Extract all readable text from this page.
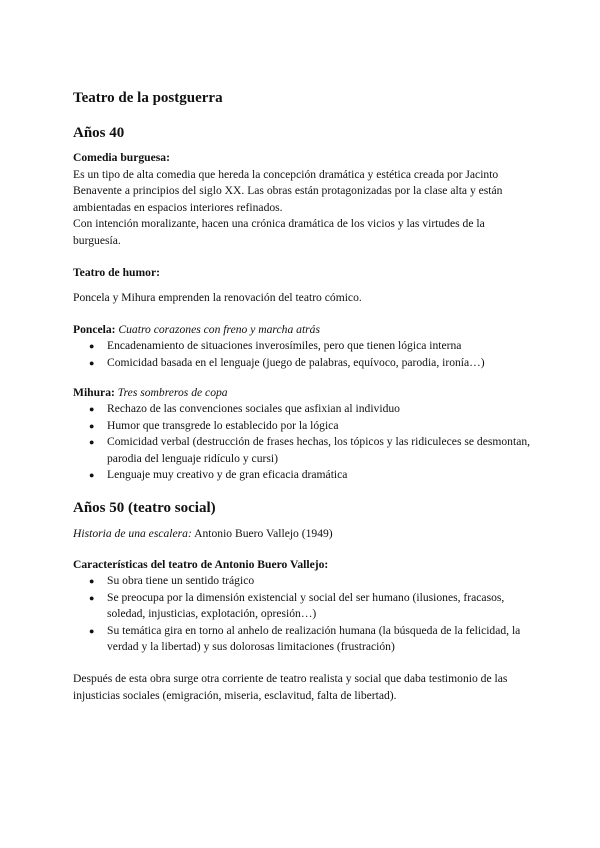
Teatro de la postguerra
Años 40
Comedia burguesa:
Es un tipo de alta comedia que hereda la concepción dramática y estética creada por Jacinto Benavente a principios del siglo XX. Las obras están protagonizadas por la clase alta y están ambientadas en espacios interiores refinados.
Con intención moralizante, hacen una crónica dramática de los vicios y las virtudes de la burguesía.
Teatro de humor:
Poncela y Mihura emprenden la renovación del teatro cómico.
Poncela: Cuatro corazones con freno y marcha atrás
● Encadenamiento de situaciones inverosímiles, pero que tienen lógica interna
● Comicidad basada en el lenguaje (juego de palabras, equívoco, parodia, ironía…)
Mihura: Tres sombreros de copa
● Rechazo de las convenciones sociales que asfixian al individuo
● Humor que transgrede lo establecido por la lógica
● Comicidad verbal (destrucción de frases hechas, los tópicos y las ridiculeces se desmontan, parodia del lenguaje ridículo y cursi)
● Lenguaje muy creativo y de gran eficacia dramática
Años 50 (teatro social)
Historia de una escalera: Antonio Buero Vallejo (1949)
Características del teatro de Antonio Buero Vallejo:
● Su obra tiene un sentido trágico
● Se preocupa por la dimensión existencial y social del ser humano (ilusiones, fracasos, soledad, injusticias, explotación, opresión…)
● Su temática gira en torno al anhelo de realización humana (la búsqueda de la felicidad, la verdad y la libertad) y sus dolorosas limitaciones (frustración)
Después de esta obra surge otra corriente de teatro realista y social que daba testimonio de las injusticias sociales (emigración, miseria, esclavitud, falta de libertad).
